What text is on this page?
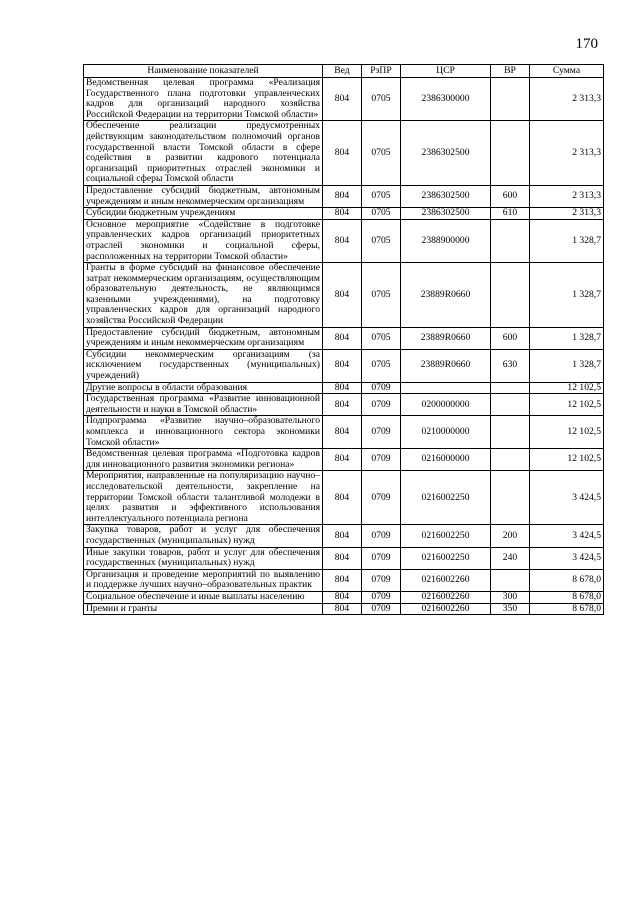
170
Наименование показателей	Вед	РзПР	ЦСР	ВР	Сумма
Ведомственная целевая программа «Реализация Государственного плана подготовки управленческих кадров для организаций народного хозяйства Российской Федерации на территории Томской области»	804	0705	2386300000		2 313,3
Обеспечение реализации предусмотренных действующим законодательством полномочий органов государственной власти Томской области в сфере содействия в развитии кадрового потенциала организаций приоритетных отраслей экономики и социальной сферы Томской области	804	0705	2386302500		2 313,3
Предоставление субсидий бюджетным, автономным учреждениям и иным некоммерческим организациям	804	0705	2386302500	600	2 313,3
Субсидии бюджетным учреждениям	804	0705	2386302500	610	2 313,3
Основное мероприятие «Содействие в подготовке управленческих кадров организаций приоритетных отраслей экономики и социальной сферы, расположенных на территории Томской области»	804	0705	2388900000		1 328,7
Гранты в форме субсидий на финансовое обеспечение затрат некоммерческим организациям, осуществляющим образовательную деятельность, не являющимся казенными учреждениями), на подготовку управленческих кадров для организаций народного хозяйства Российской Федерации	804	0705	23889R0660		1 328,7
Предоставление субсидий бюджетным, автономным учреждениям и иным некоммерческим организациям	804	0705	23889R0660	600	1 328,7
Субсидии некоммерческим организациям (за исключением государственных (муниципальных) учреждений)	804	0705	23889R0660	630	1 328,7
Другие вопросы в области образования	804	0709			12 102,5
Государственная программа «Развитие инновационной деятельности и науки в Томской области»	804	0709	0200000000		12 102,5
Подпрограмма «Развитие научно–образовательного комплекса и инновационного сектора экономики Томской области»	804	0709	0210000000		12 102,5
Ведомственная целевая программа «Подготовка кадров для инновационного развития экономики региона»	804	0709	0216000000		12 102,5
Мероприятия, направленные на популяризацию научно–исследовательской деятельности, закрепление на территории Томской области талантливой молодежи в целях развития и эффективного использования интеллектуального потенциала региона	804	0709	0216002250		3 424,5
Закупка товаров, работ и услуг для обеспечения государственных (муниципальных) нужд	804	0709	0216002250	200	3 424,5
Иные закупки товаров, работ и услуг для обеспечения государственных (муниципальных) нужд	804	0709	0216002250	240	3 424,5
Организация и проведение мероприятий по выявлению и поддержке лучших научно–образовательных практик	804	0709	0216002260		8 678,0
Социальное обеспечение и иные выплаты населению	804	0709	0216002260	300	8 678,0
Премии и гранты	804	0709	0216002260	350	8 678,0
